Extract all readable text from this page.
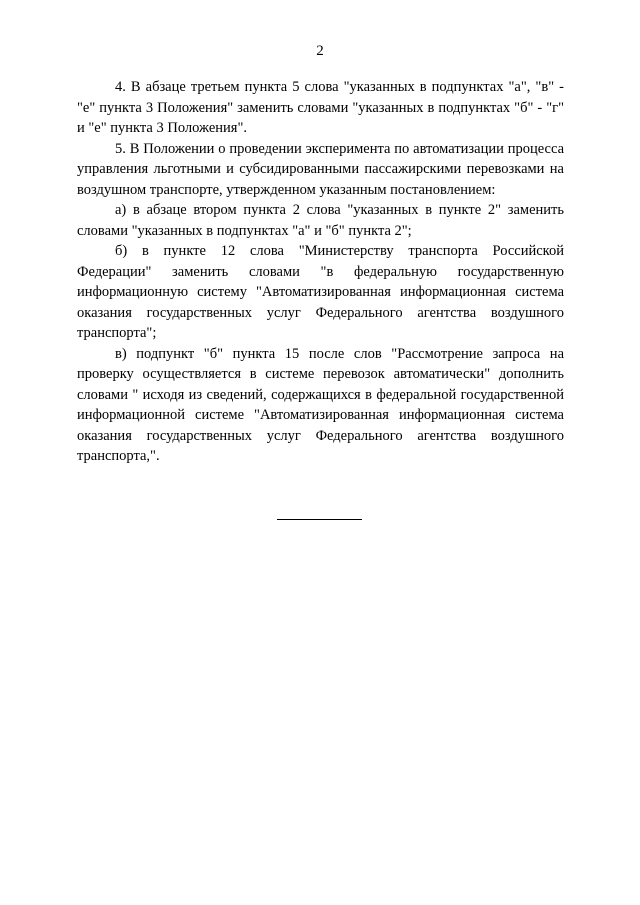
2

4. В абзаце третьем пункта 5 слова "указанных в подпунктах "а", "в" - "е" пункта 3 Положения" заменить словами "указанных в подпунктах "б" - "г" и "е" пункта 3 Положения".

5. В Положении о проведении эксперимента по автоматизации процесса управления льготными и субсидированными пассажирскими перевозками на воздушном транспорте, утвержденном указанным постановлением:

а) в абзаце втором пункта 2 слова "указанных в пункте 2" заменить словами "указанных в подпунктах "а" и "б" пункта 2";

б) в пункте 12 слова "Министерству транспорта Российской Федерации" заменить словами "в федеральную государственную информационную систему "Автоматизированная информационная система оказания государственных услуг Федерального агентства воздушного транспорта";

в) подпункт "б" пункта 15 после слов "Рассмотрение запроса на проверку осуществляется в системе перевозок автоматически" дополнить словами " исходя из сведений, содержащихся в федеральной государственной информационной системе "Автоматизированная информационная система оказания государственных услуг Федерального агентства воздушного транспорта,".
